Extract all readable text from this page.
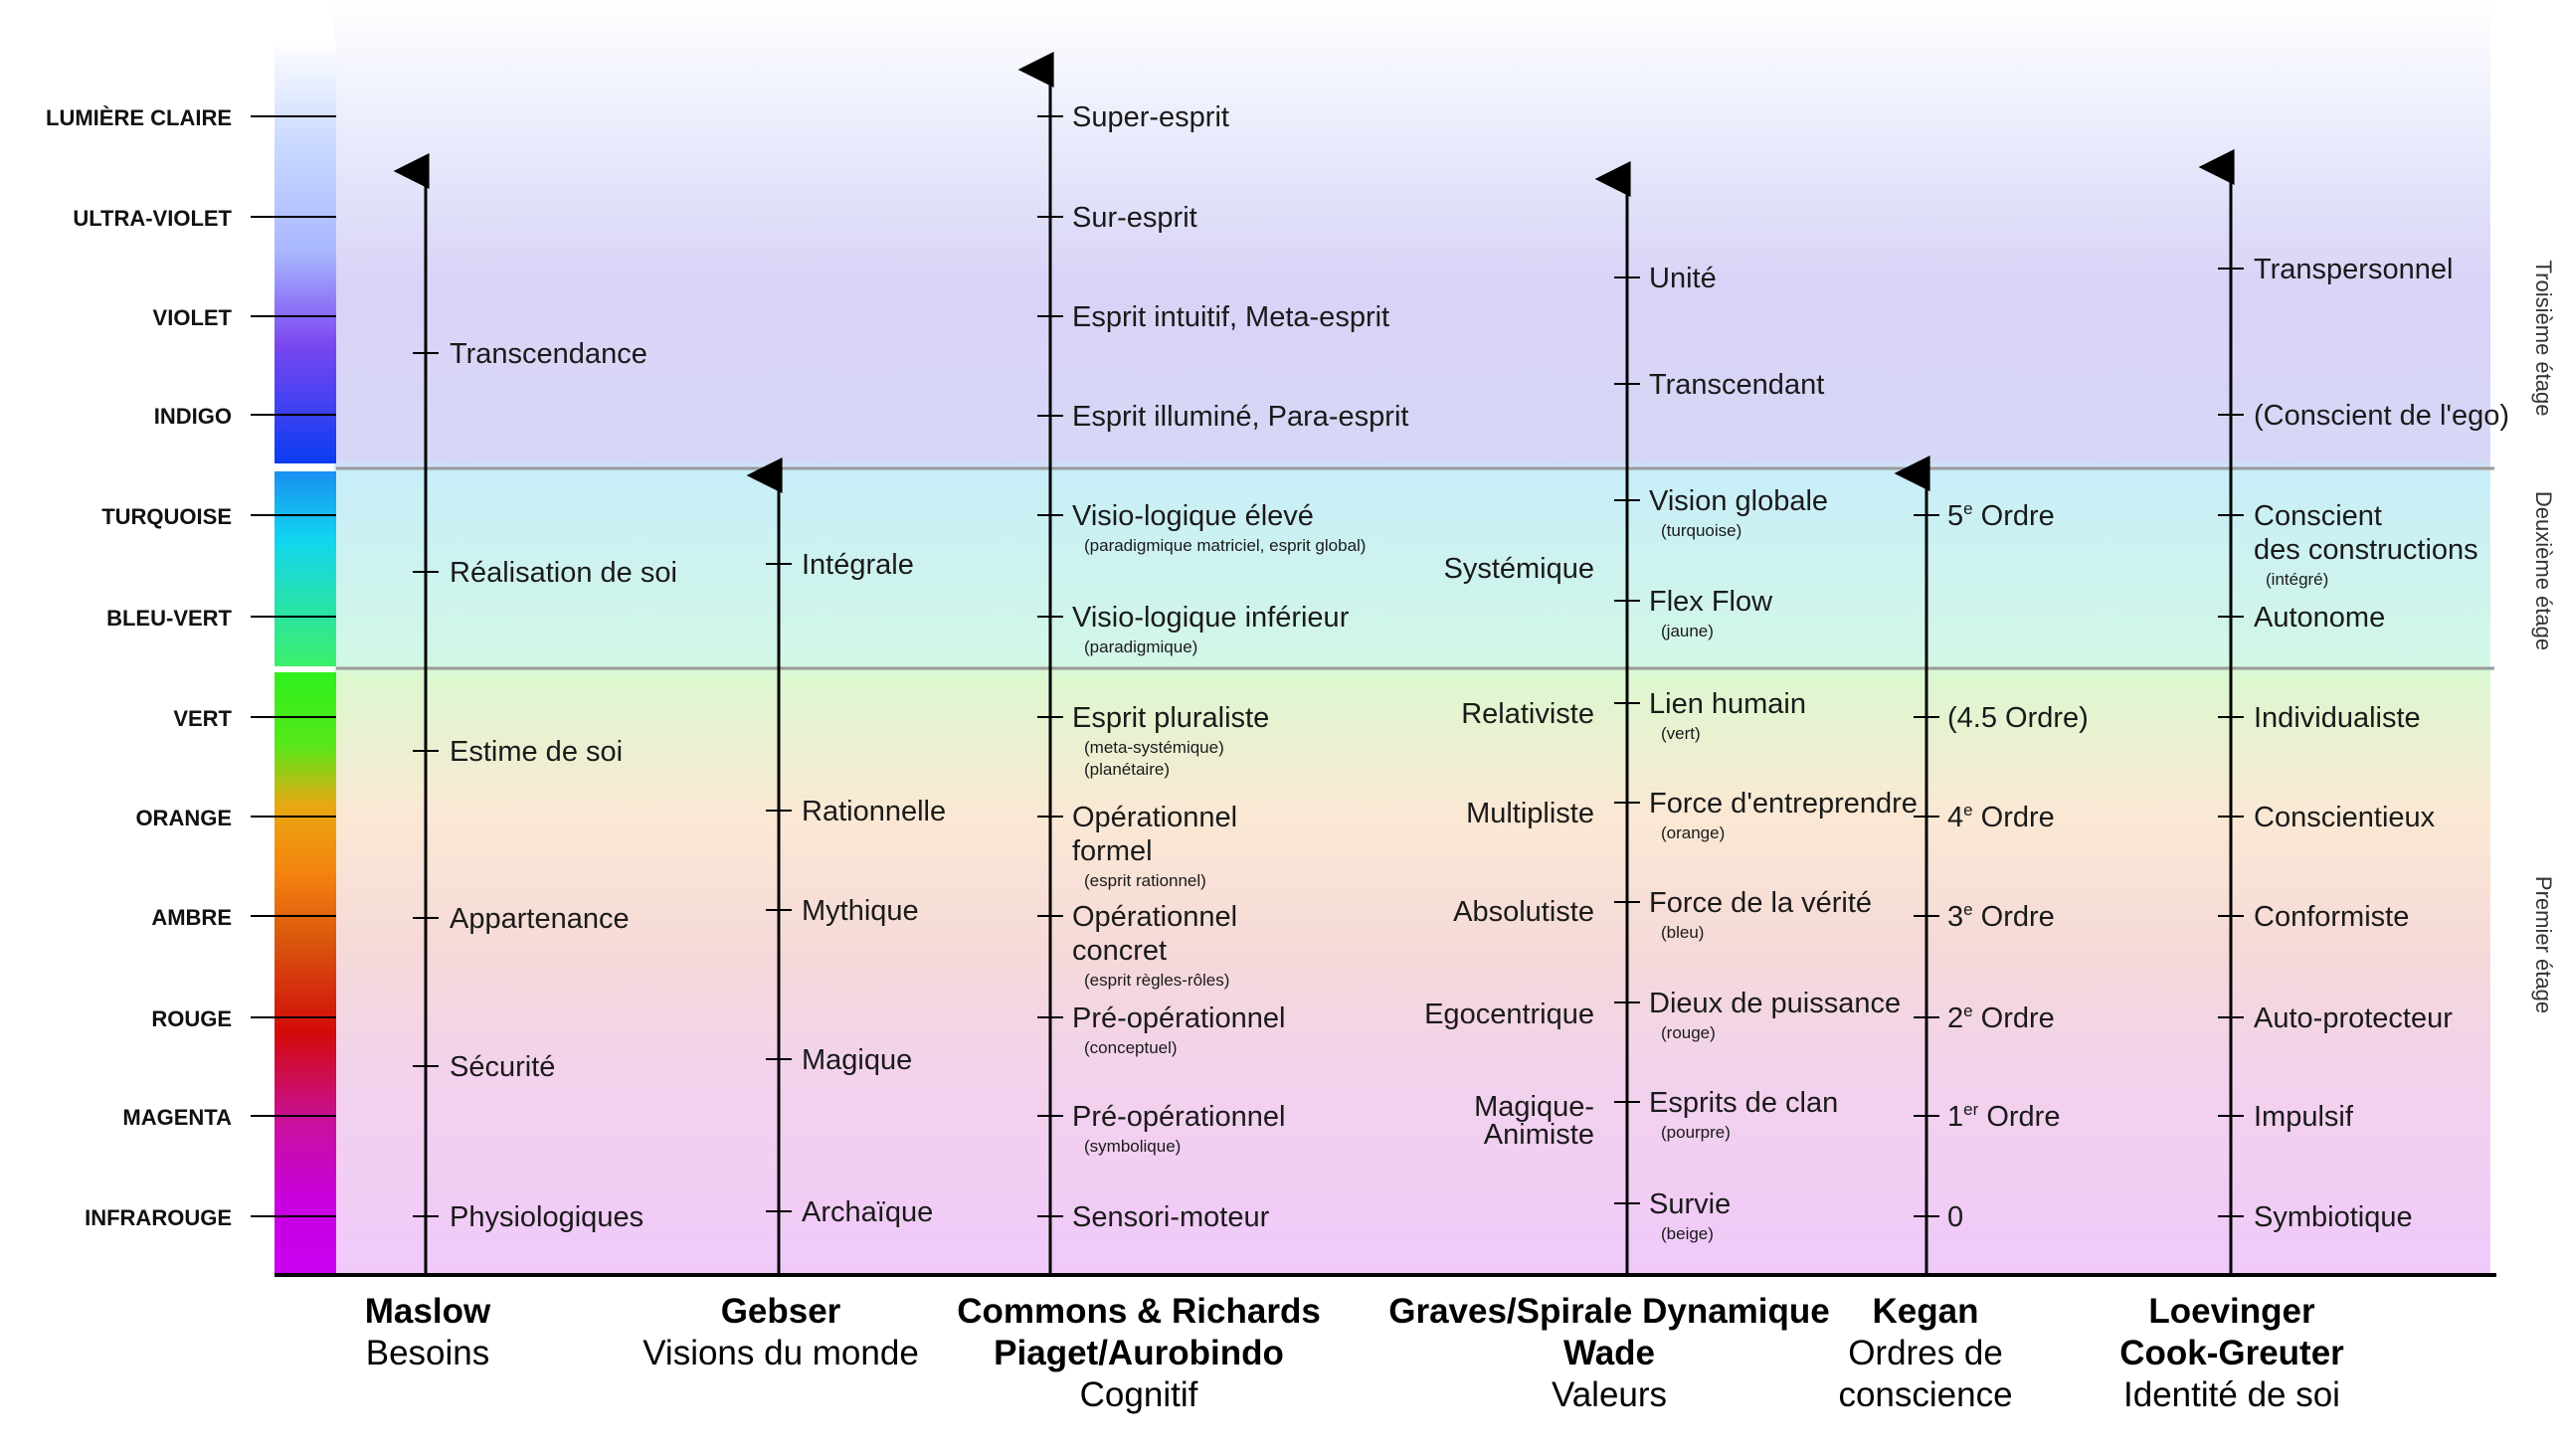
LUMIÈRE CLAIRE
ULTRA-VIOLET
VIOLET
INDIGO
TURQUOISE
BLEU-VERT
VERT
ORANGE
AMBRE
ROUGE
MAGENTA
INFRAROUGE
Troisième étage
Deuxième étage
Premier étage
Transcendance
Réalisation de soi
Estime de soi
Appartenance
Sécurité
Physiologiques
Intégrale
Rationnelle
Mythique
Magique
Archaïque
Super-esprit
Sur-esprit
Esprit intuitif, Meta-esprit
Esprit illuminé, Para-esprit
Visio-logique élevé
(paradigmique matriciel, esprit global)
Visio-logique inférieur
(paradigmique)
Esprit pluraliste
(meta-systémique)
(planétaire)
Opérationnel
formel
(esprit rationnel)
Opérationnel
concret
(esprit règles-rôles)
Pré-opérationnel
(conceptuel)
Pré-opérationnel
(symbolique)
Sensori-moteur
Unité
Transcendant
Vision globale
(turquoise)
Flex Flow
(jaune)
Lien humain
(vert)
Force d'entreprendre
(orange)
Force de la vérité
(bleu)
Dieux de puissance
(rouge)
Esprits de clan
(pourpre)
Survie
(beige)
Systémique
Relativiste
Multipliste
Absolutiste
Egocentrique
Magique-
Animiste
5e Ordre
(4.5 Ordre)
4e Ordre
3e Ordre
2e Ordre
1er Ordre
0
Transpersonnel
(Conscient de l'ego)
Conscient
des constructions
(intégré)
Autonome
Individualiste
Conscientieux
Conformiste
Auto-protecteur
Impulsif
Symbiotique
Maslow
Besoins
Gebser
Visions du monde
Commons & Richards
Piaget/Aurobindo
Cognitif
Graves/Spirale Dynamique
Wade
Valeurs
Kegan
Ordres de
conscience
Loevinger
Cook-Greuter
Identité de soi
